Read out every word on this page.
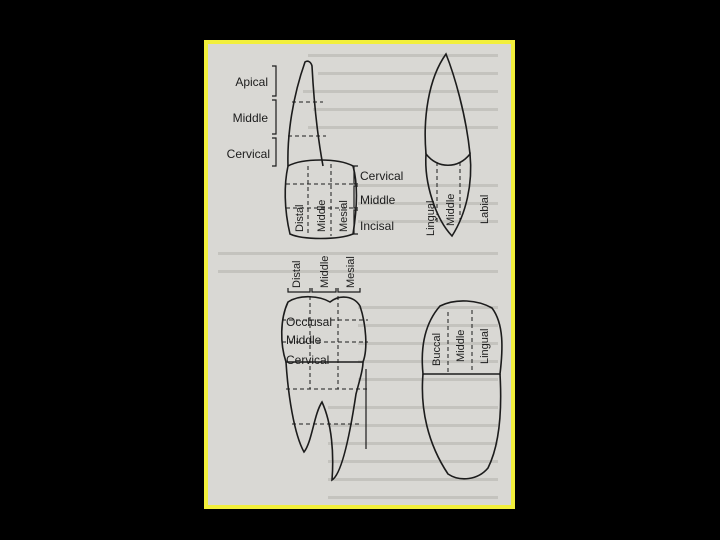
Apical
Middle
Cervical
Cervical
Middle
Incisal
Distal Middle Mesial	Lingual Middle Labial
Distal Middle Mesial
Occlusal
Middle
Cervical	Buccal Middle Lingual
